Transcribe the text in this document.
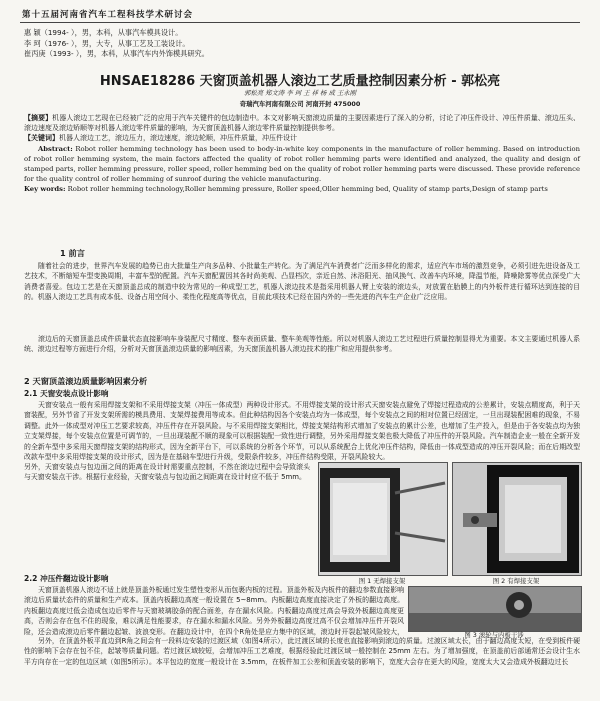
第十五届河南省汽车工程科技学术研讨会
惠 颖（1994- ），男，本科，从事汽车模具设计。
李 珂（1976- ），男，大专，从事工艺及工装设计。
崔丙庚（1993- ），男，本科，从事汽车内外饰模具研究。
HNSAE18286 天窗顶盖机器人滚边工艺质量控制因素分析 - 郭松亮
郭松亮 郑文涛 李 珂 王 祥 杨 成 王永刚
奇瑞汽车河南有限公司 河南开封 475000
【摘要】机器人滚边工艺现在已经被广泛的应用于汽车关键件的包边制造中。本文对影响天窗滚边质量的主要因素进行了深入的分析，讨论了冲压件设计、冲压件质量、滚边压头、滚边速度及滚边矫顺等对机器人滚边零件质量的影响，为天窗顶盖机器人滚边零件质量控制提供参考。
【关键词】机器人滚边工艺，滚边压力，滚边速度，滚边轮顺，冲压件质量，冲压件设计
Abstract: Robot roller hemming technology has been used to body-in-white key components in the manufacture of roller hemming. Based on introduction of robot roller hemming system, the main factors affected the quality of robot roller hemming parts were identified and analyzed, the quality and design of stamped parts, roller hemming pressure, roller speed, roller hemming bed on the quality of robot roller hemming parts were discussed. These provide reference for the quality control of roller hemming of sunroof during the vehicle manufacturing.
Key words: Robot roller hemming technology,Roller hemming pressure, Roller speed,Oller hemming bed, Quality of stamp parts,Design of stamp parts
1 前言
随着社会的进步，世界汽车发展的趋势已由大批量生产向多品种、小批量生产转化。为了满足汽车消费者广泛而多样化的需求，适应汽车市场的激烈竞争，必须引进先进设备及工艺技术，不断缩短车型变换周期，丰富车型的配置。汽车天窗配置因其各时尚美观、凸显档次，亲近自然、沐浴阳光、抽风换气、改善车内环境，降温节能，降噪除雾等优点深受广大消费者喜爱。包边工艺是在天窗顶盖总成的制造中较为常见的一种成型工艺，机器人滚边技术是指采用机器人臂上安装的滚边头，对放置在胎膜上的内外板件进行循环达到连接的目的。机器人滚边工艺具有成本低、设备占用空间小、柔性化程度高等优点，目前此项技术已经在国内外的一些先进的汽车生产企业广泛应用。
滚边后的天窗顶盖总成件质量状态直接影响车身装配尺寸精度、整车表面质量、整车美观等性能。所以对机器人滚边工艺过程进行质量控制显得尤为重要。本文主要通过机器人系统、滚边过程等方面进行介绍，分析对天窗顶盖滚边质量的影响因素，为天窗顶盖机器人滚边技术的推广和应用提供参考。
2 天窗顶盖滚边质量影响因素分析
2.1 天窗安装点设计影响
天窗安装点一般有采用焊接支架和不采用焊接支架（冲压一体成型）两种设计形式。不用焊接支架的设计形式天窗安装点避免了焊接过程造成的公差累计，安装点精度高，利于天窗装配，另外节省了开发支架所需的模具费用、支架焊接费用等成本。但此种结构因各个安装点均为一体成型，每个安装点之间的相对位置已经固定，一旦出现装配困难的现象，不易调整。此外一体成型对冲压工艺要求较高，冲压件存在开裂风险。与不采用焊接支架相比，焊接支架结构形式增加了安装点的累计公差，也增加了生产投入，但是由于各安装点均为独立支架焊接，每个安装点位置是可调节的，一旦出现装配不顺的现象可以根据装配一致性进行调整，另外采用焊接支架也极大降低了冲压件的开裂风险。汽车制造企业一般在全新开发的全新车型中多采用天窗焊接支架的结构形式，因为全新平台下，可以系统的分析各个环节，可以从系统配合上优化冲压件结构，降低由一体成型造成的冲压开裂风险；而在后期改型改款车型中多采用焊接支架的设计形式，因为是在基础车型进行升级，受限条件较多，冲压件结构受限，开裂风险较大。
另外，天窗安装点与包边面之间的距离在设计时需要重点控制，不然在滚边过程中会导致滚头与天窗安装点干涉。根据行业经验，天窗安装点与包边面之间距离在设计时应不低于 5mm。
2.2 冲压件翻边设计影响
天窗顶盖机器人滚边不适上就是顶盖外板通过发生塑性变形从而包裹内板的过程。顶盖外板及内板件的翻边参数直接影响滚边后质量状态件的质量和生产成本。顶盖内板翻边高度一般设置在 5~8mm。内板翻边高度直接决定了外板的翻边高度。内板翻边高度过低会造成包边后零件与天窗玻璃胶条的配合面差，存在漏水风险。内板翻边高度过高会导致外板翻边高度更高，否则会存在包不住的现象，难以满足性能要求，存在漏水和漏水风险。另外外板翻边高度过高不仅会增加冲压件开裂风险，还会造成滚边后零件翻边起皱、波浪变形。在翻边设计中，在四个R角处是应力集中的区域，滚边时开裂起皱风险较大，
另外，在顶盖外板平直边到R角之间会有一段料边安装的过渡区域（如图4所示），此过渡区域的长度也直接影响到滚边的质量。过渡区域太长，由于翻边高度太短，在受到板件硬性的影响下会存在包不住，起皱等质量问题。若过渡区域较短，会增加冲压工艺难度，根据经验此过渡区域一般控制在 25mm 左右。为了增加强度，在顶盖前后部通常还会设计生水平方向存在一定的包边区域（如图5所示）。本平包边的宽度一般设计在 3.5mm，在板件加工公差和顶盖安装的影响下，宽度大会存在更大的风险，宽度太大又会造成外板翻边过长
图 1 无焊接支架	图 2 有焊接支架
图 3 滚轮与内板干涉
